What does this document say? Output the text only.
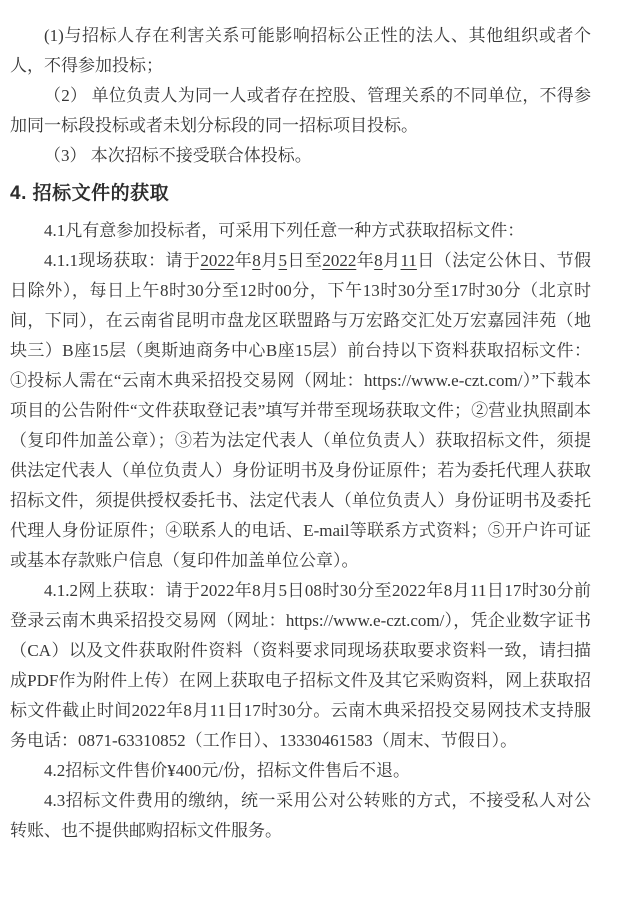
(1)与招标人存在利害关系可能影响招标公正性的法人、其他组织或者个人，不得参加投标；

（2） 单位负责人为同一人或者存在控股、管理关系的不同单位，不得参加同一标段投标或者未划分标段的同一招标项目投标。

（3） 本次招标不接受联合体投标。

4. 招标文件的获取

4.1凡有意参加投标者，可采用下列任意一种方式获取招标文件：

4.1.1现场获取：请于2022年8月5日至2022年8月11日（法定公休日、节假日除外），每日上午8时30分至12时00分，下午13时30分至17时30分（北京时间，下同），在云南省昆明市盘龙区联盟路与万宏路交汇处万宏嘉园沣苑（地块三）B座15层（奥斯迪商务中心B座15层）前台持以下资料获取招标文件：①投标人需在“云南木典采招投交易网（网址：https://www.e-czt.com/）”下载本项目的公告附件“文件获取登记表”填写并带至现场获取文件；②营业执照副本（复印件加盖公章）；③若为法定代表人（单位负责人）获取招标文件，须提供法定代表人（单位负责人）身份证明书及身份证原件；若为委托代理人获取招标文件，须提供授权委托书、法定代表人（单位负责人）身份证明书及委托代理人身份证原件；④联系人的电话、E-mail等联系方式资料；⑤开户许可证或基本存款账户信息（复印件加盖单位公章）。

4.1.2网上获取：请于2022年8月5日08时30分至2022年8月11日17时30分前登录云南木典采招投交易网（网址：https://www.e-czt.com/），凭企业数字证书（CA）以及文件获取附件资料（资料要求同现场获取要求资料一致，请扫描成PDF作为附件上传）在网上获取电子招标文件及其它采购资料，网上获取招标文件截止时间2022年8月11日17时30分。云南木典采招投交易网技术支持服务电话：0871-63310852（工作日）、13330461583（周末、节假日）。

4.2招标文件售价¥400元/份，招标文件售后不退。

4.3招标文件费用的缴纳，统一采用公对公转账的方式，不接受私人对公转账、也不提供邮购招标文件服务。
